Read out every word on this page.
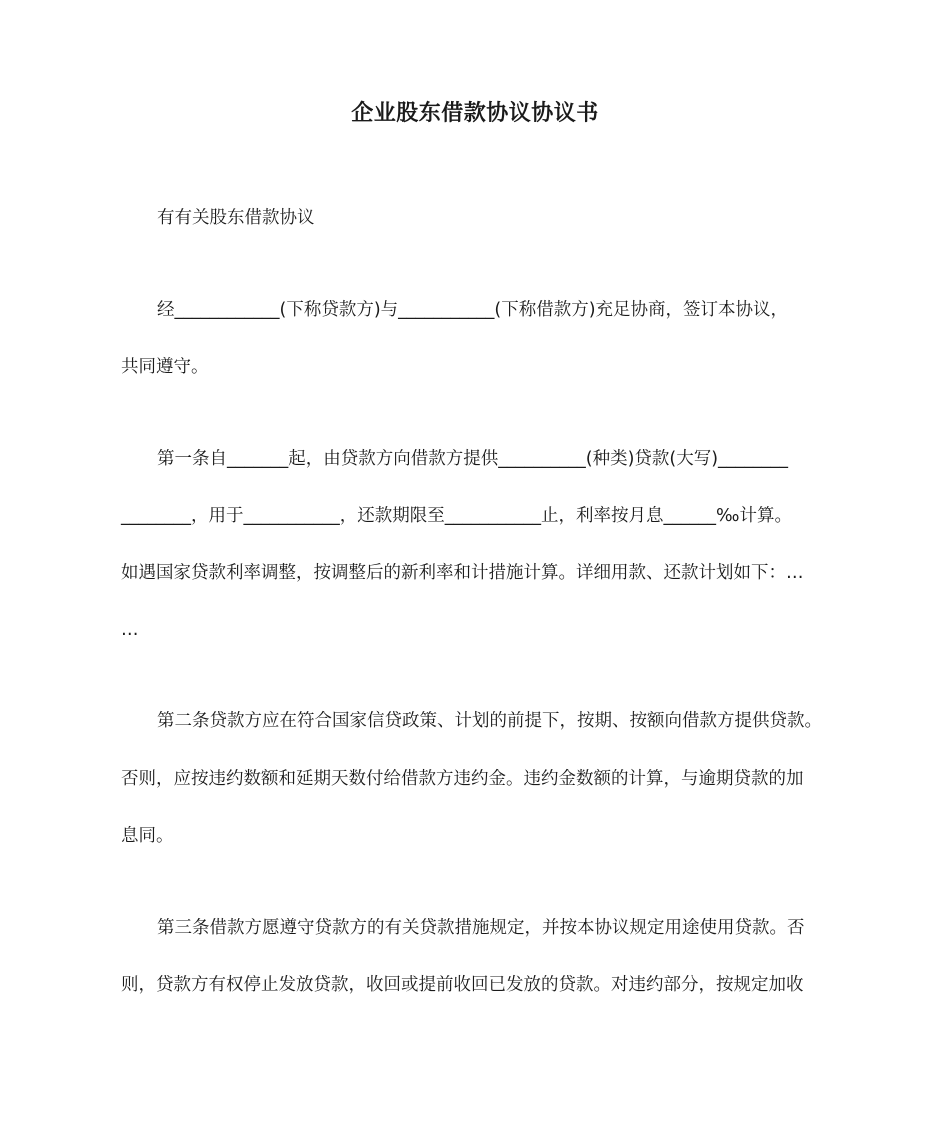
企业股东借款协议协议书
有有关股东借款协议
经____________(下称贷款方)与___________(下称借款方)充足协商，签订本协议，
共同遵守。
第一条自_______起，由贷款方向借款方提供__________(种类)贷款(大写)________
________，用于___________，还款期限至___________止，利率按月息______‰计算。
如遇国家贷款利率调整，按调整后的新利率和计措施计算。详细用款、还款计划如下：…
…
第二条贷款方应在符合国家信贷政策、计划的前提下，按期、按额向借款方提供贷款。
否则，应按违约数额和延期天数付给借款方违约金。违约金数额的计算，与逾期贷款的加
息同。
第三条借款方愿遵守贷款方的有关贷款措施规定，并按本协议规定用途使用贷款。否
则，贷款方有权停止发放贷款，收回或提前收回已发放的贷款。对违约部分，按规定加收
